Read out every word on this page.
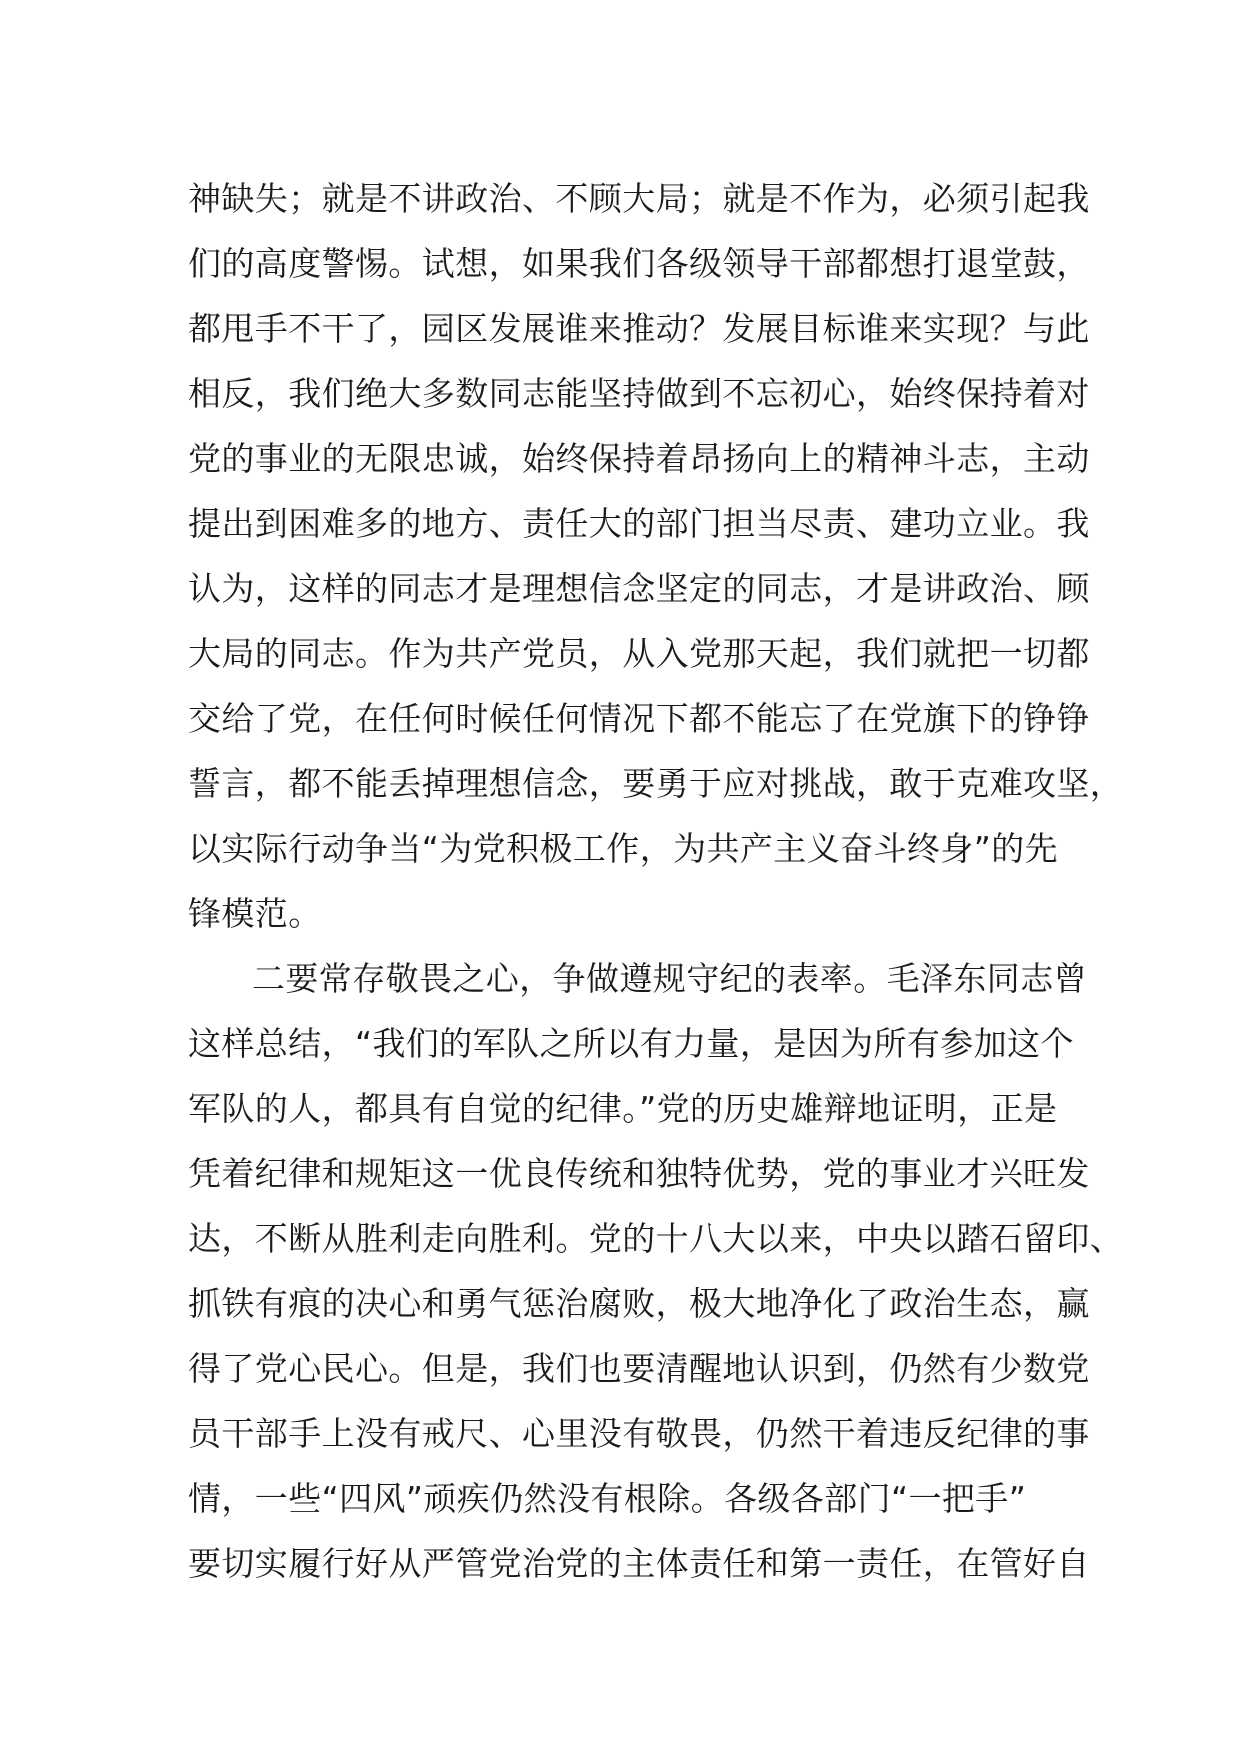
神缺失；就是不讲政治、不顾大局；就是不作为，必须引起我
们的高度警惕。试想，如果我们各级领导干部都想打退堂鼓，
都甩手不干了，园区发展谁来推动？发展目标谁来实现？与此
相反，我们绝大多数同志能坚持做到不忘初心，始终保持着对
党的事业的无限忠诚，始终保持着昂扬向上的精神斗志，主动
提出到困难多的地方、责任大的部门担当尽责、建功立业。我
认为，这样的同志才是理想信念坚定的同志，才是讲政治、顾
大局的同志。作为共产党员，从入党那天起，我们就把一切都
交给了党，在任何时候任何情况下都不能忘了在党旗下的铮铮
誓言，都不能丢掉理想信念，要勇于应对挑战，敢于克难攻坚，
以实际行动争当“为党积极工作，为共产主义奋斗终身”的先
锋模范。
二要常存敬畏之心，争做遵规守纪的表率。毛泽东同志曾
这样总结，“我们的军队之所以有力量，是因为所有参加这个
军队的人，都具有自觉的纪律。”党的历史雄辩地证明，正是
凭着纪律和规矩这一优良传统和独特优势，党的事业才兴旺发
达，不断从胜利走向胜利。党的十八大以来，中央以踏石留印、
抓铁有痕的决心和勇气惩治腐败，极大地净化了政治生态，赢
得了党心民心。但是，我们也要清醒地认识到，仍然有少数党
员干部手上没有戒尺、心里没有敬畏，仍然干着违反纪律的事
情，一些“四风”顽疾仍然没有根除。各级各部门“一把手”
要切实履行好从严管党治党的主体责任和第一责任，在管好自
